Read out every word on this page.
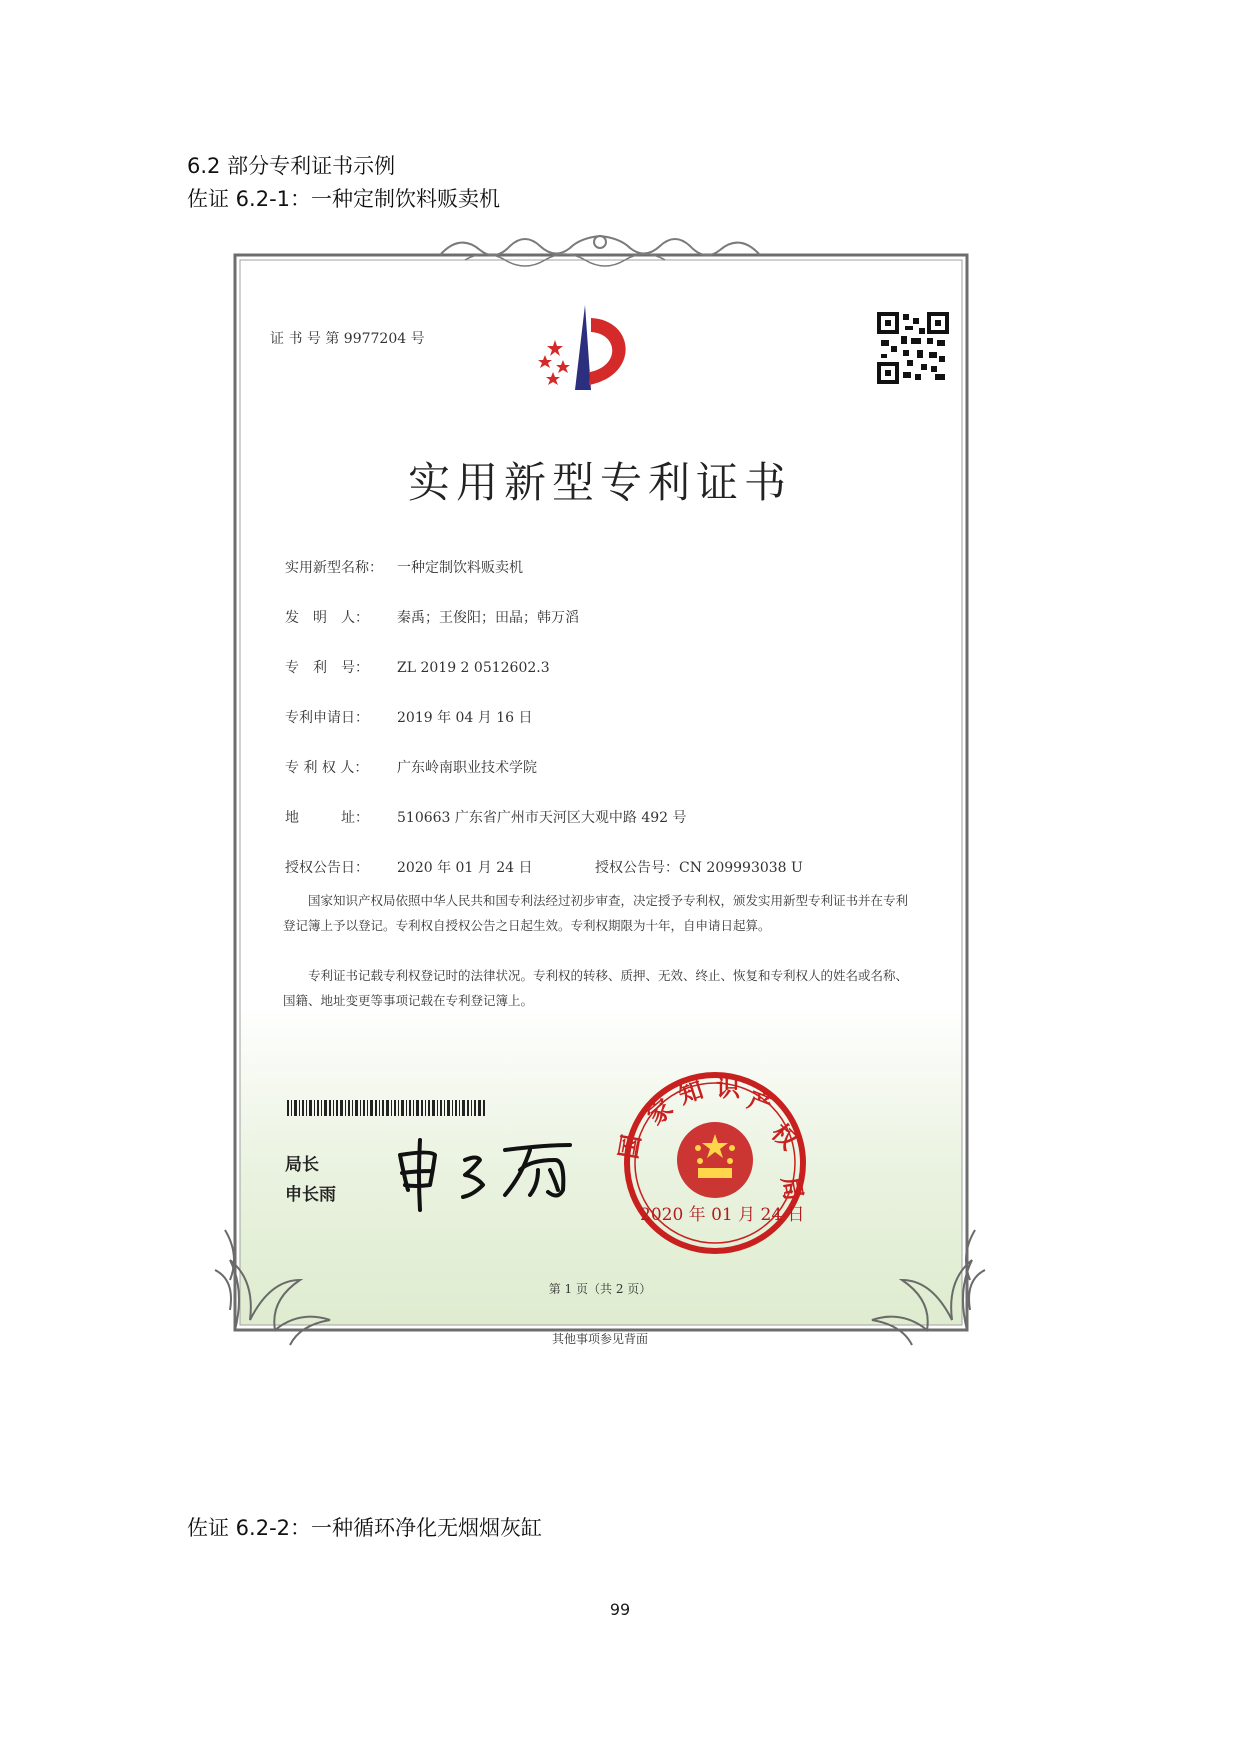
6.2 部分专利证书示例
佐证 6.2-1：一种定制饮料贩卖机
证 书 号 第 9977204 号
实用新型专利证书
实用新型名称： 一种定制饮料贩卖机
发　明　人： 秦禹；王俊阳；田晶；韩万滔
专　利　号： ZL 2019 2 0512602.3
专利申请日： 2019 年 04 月 16 日
专 利 权 人： 广东岭南职业技术学院
地　　　址： 510663 广东省广州市天河区大观中路 492 号
授权公告日： 2020 年 01 月 24 日	授权公告号：CN 209993038 U
国家知识产权局依照中华人民共和国专利法经过初步审查，决定授予专利权，颁发实用新型专利证书并在专利登记簿上予以登记。专利权自授权公告之日起生效。专利权期限为十年，自申请日起算。
专利证书记载专利权登记时的法律状况。专利权的转移、质押、无效、终止、恢复和专利权人的姓名或名称、国籍、地址变更等事项记载在专利登记簿上。
局长
申长雨
家
知 识 产
权
国
局
2020 年 01 月 24 日
第 1 页（共 2 页）
其他事项参见背面
佐证 6.2-2：一种循环净化无烟烟灰缸
99
